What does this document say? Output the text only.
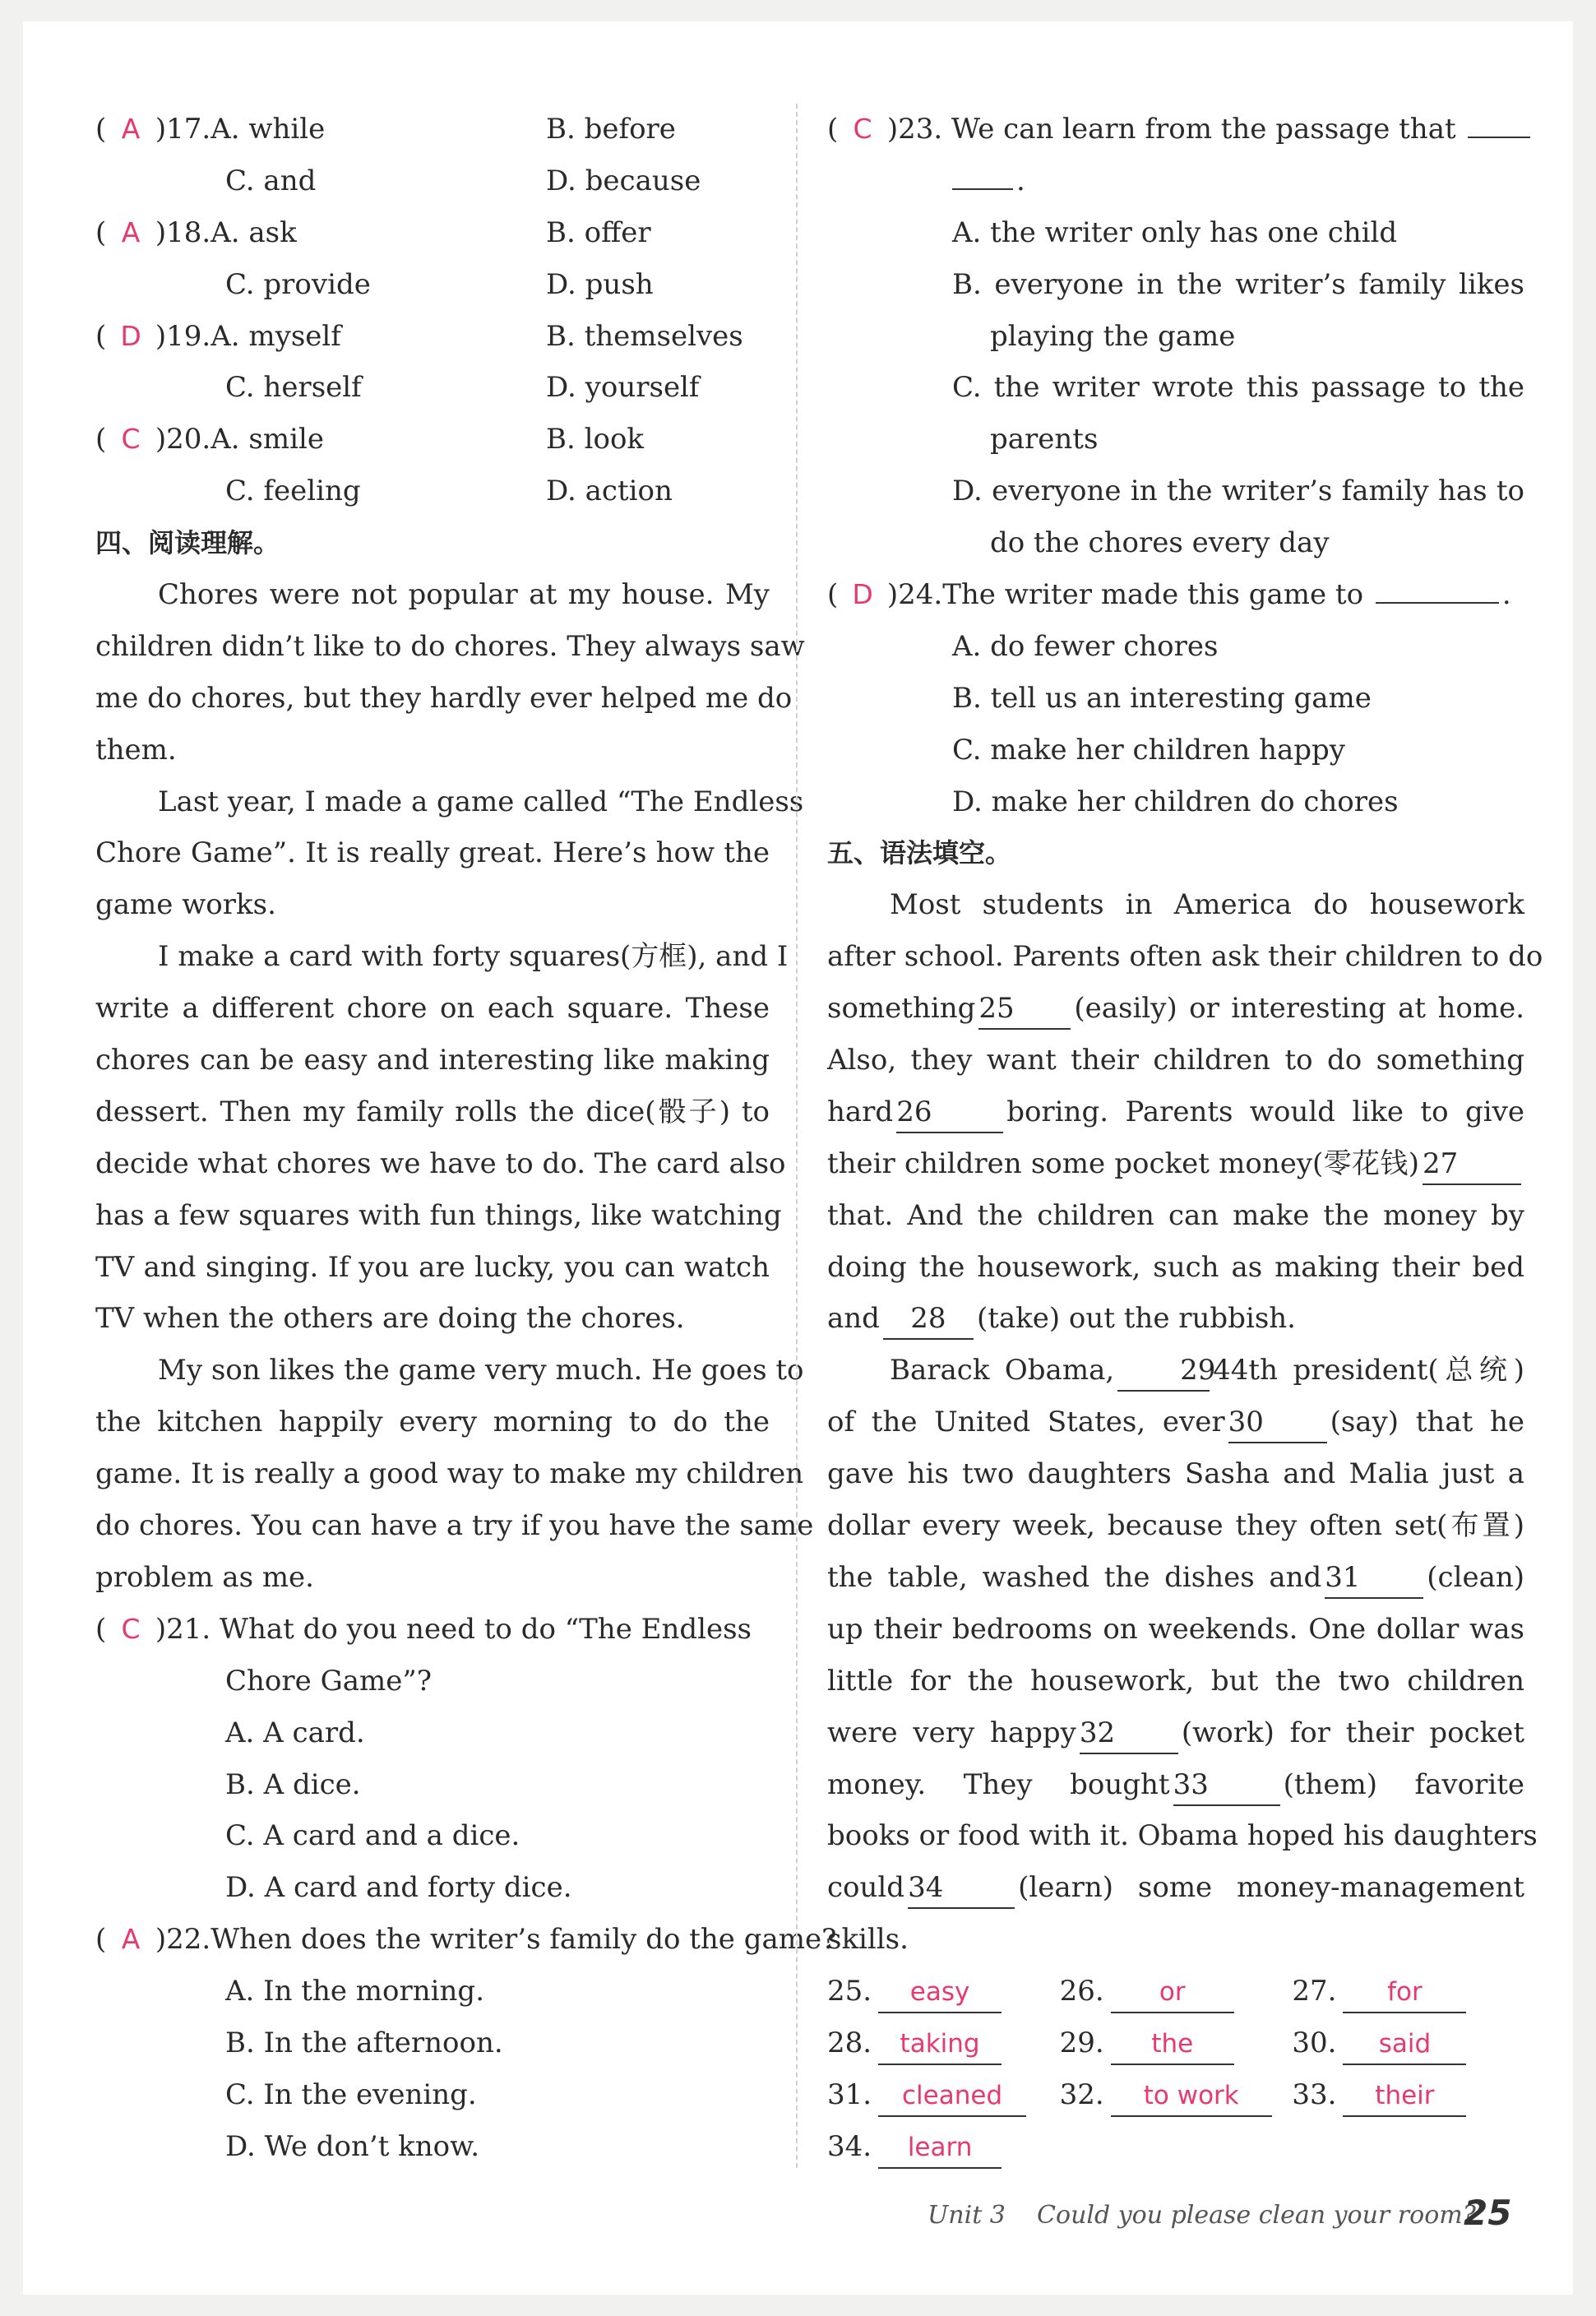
( A )17.A. while	B. before
C. and	D. because
( A )18.A. ask	B. offer
C. provide	D. push
( D )19.A. myself	B. themselves
C. herself	D. yourself
( C )20.A. smile	B. look
C. feeling	D. action
四、阅读理解。
Chores were not popular at my house. My
children didn’t like to do chores. They always saw
me do chores, but they hardly ever helped me do
them.
Last year, I made a game called “The Endless
Chore Game”. It is really great. Here’s how the
game works.
I make a card with forty squares(方框), and I
write a different chore on each square. These
chores can be easy and interesting like making
dessert. Then my family rolls the dice(骰子) to
decide what chores we have to do. The card also
has a few squares with fun things, like watching
TV and singing. If you are lucky, you can watch
TV when the others are doing the chores.
My son likes the game very much. He goes to
the kitchen happily every morning to do the
game. It is really a good way to make my children
do chores. You can have a try if you have the same
problem as me.
( C )21. What do you need to do “The Endless
Chore Game”?
A. A card.
B. A dice.
C. A card and a dice.
D. A card and forty dice.
( A )22.When does the writer’s family do the game?
A. In the morning.
B. In the afternoon.
C. In the evening.
D. We don’t know.
( C )23. We can learn from the passage that
.
A. the writer only has one child
B. everyone in the writer’s family likes
playing the game
C. the writer wrote this passage to the
parents
D. everyone in the writer’s family has to
do the chores every day
( D )24.The writer made this game to	.
A. do fewer chores
B. tell us an interesting game
C. make her children happy
D. make her children do chores
五、语法填空。
Most students in America do housework
after school. Parents often ask their children to do
something 25 (easily) or interesting at home.
Also, they want their children to do something
hard 26	boring. Parents would like to give
their children some pocket money(零花钱) 27
that. And the children can make the money by
doing the housework, such as making their bed
and 28 (take) out the rubbish.
Barack Obama, 2944th president(总统)
of the United States, ever 30 (say) that he
gave his two daughters Sasha and Malia just a
dollar every week, because they often set(布置)
the table, washed the dishes and 31 (clean)
up their bedrooms on weekends. One dollar was
little for the housework, but the two children
were very happy 32 (work) for their pocket
money. They bought 33	(them) favorite
books or food with it. Obama hoped his daughters
could 34	(learn) some money-management
skills.
25.	easy	26.	or	27.	for
28.	taking	29.	the	30.	said
31.	cleaned	32.	to work	33.	their
34.	learn
Unit 3 Could you please clean your room?
25
